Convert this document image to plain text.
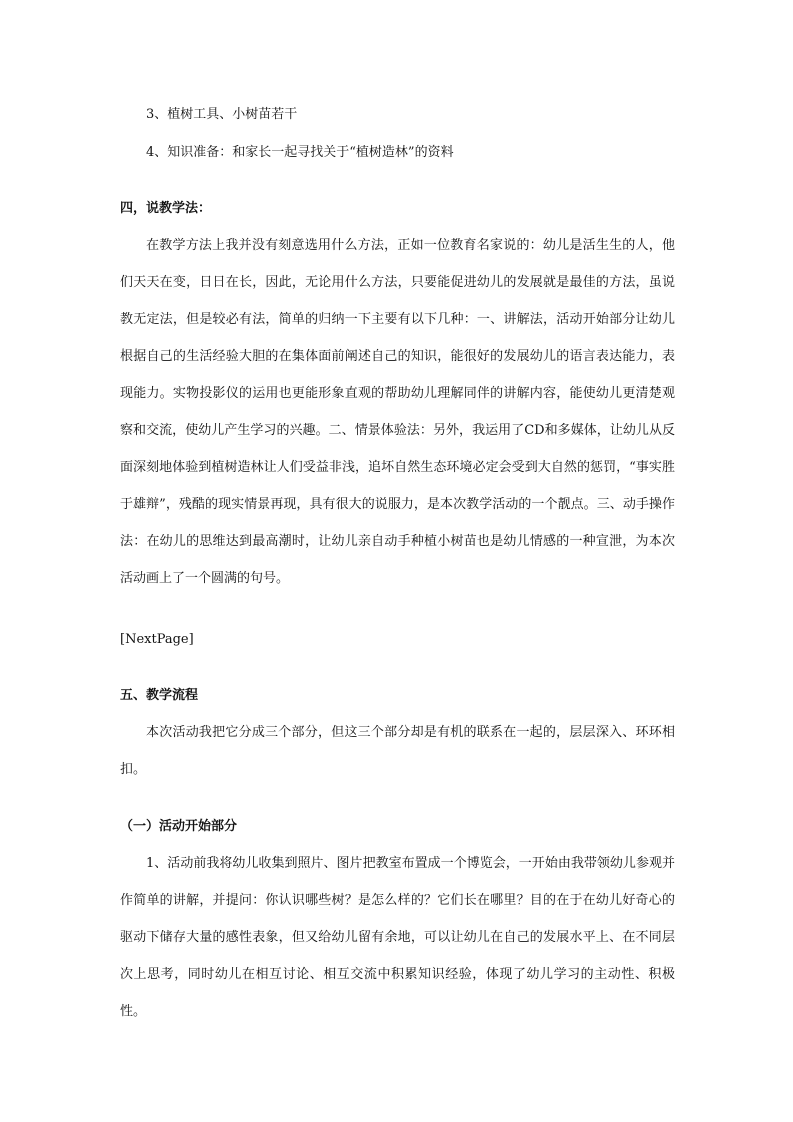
3、植树工具、小树苗若干
4、知识准备：和家长一起寻找关于“植树造林”的资料
四，说教学法：

在教学方法上我并没有刻意选用什么方法，正如一位教育名家说的：幼儿是活生生的人，他们天天在变，日日在长，因此，无论用什么方法，只要能促进幼儿的发展就是最佳的方法，虽说教无定法，但是较必有法，简单的归纳一下主要有以下几种：一、讲解法，活动开始部分让幼儿根据自己的生活经验大胆的在集体面前阐述自己的知识，能很好的发展幼儿的语言表达能力，表现能力。实物投影仪的运用也更能形象直观的帮助幼儿理解同伴的讲解内容，能使幼儿更清楚观察和交流，使幼儿产生学习的兴趣。二、情景体验法：另外，我运用了CD和多媒体，让幼儿从反面深刻地体验到植树造林让人们受益非浅，追坏自然生态环境必定会受到大自然的惩罚，“事实胜于雄辩”，残酷的现实情景再现，具有很大的说服力，是本次教学活动的一个靓点。三、动手操作法：在幼儿的思维达到最高潮时，让幼儿亲自动手种植小树苗也是幼儿情感的一种宣泄，为本次活动画上了一个圆满的句号。

[NextPage]
五、教学流程

本次活动我把它分成三个部分，但这三个部分却是有机的联系在一起的，层层深入、环环相扣。

（一）活动开始部分

1、活动前我将幼儿收集到照片、图片把教室布置成一个博览会，一开始由我带领幼儿参观并作简单的讲解，并提问：你认识哪些树？是怎么样的？它们长在哪里？目的在于在幼儿好奇心的驱动下储存大量的感性表象，但又给幼儿留有余地，可以让幼儿在自己的发展水平上、在不同层次上思考，同时幼儿在相互讨论、相互交流中积累知识经验，体现了幼儿学习的主动性、积极性。
